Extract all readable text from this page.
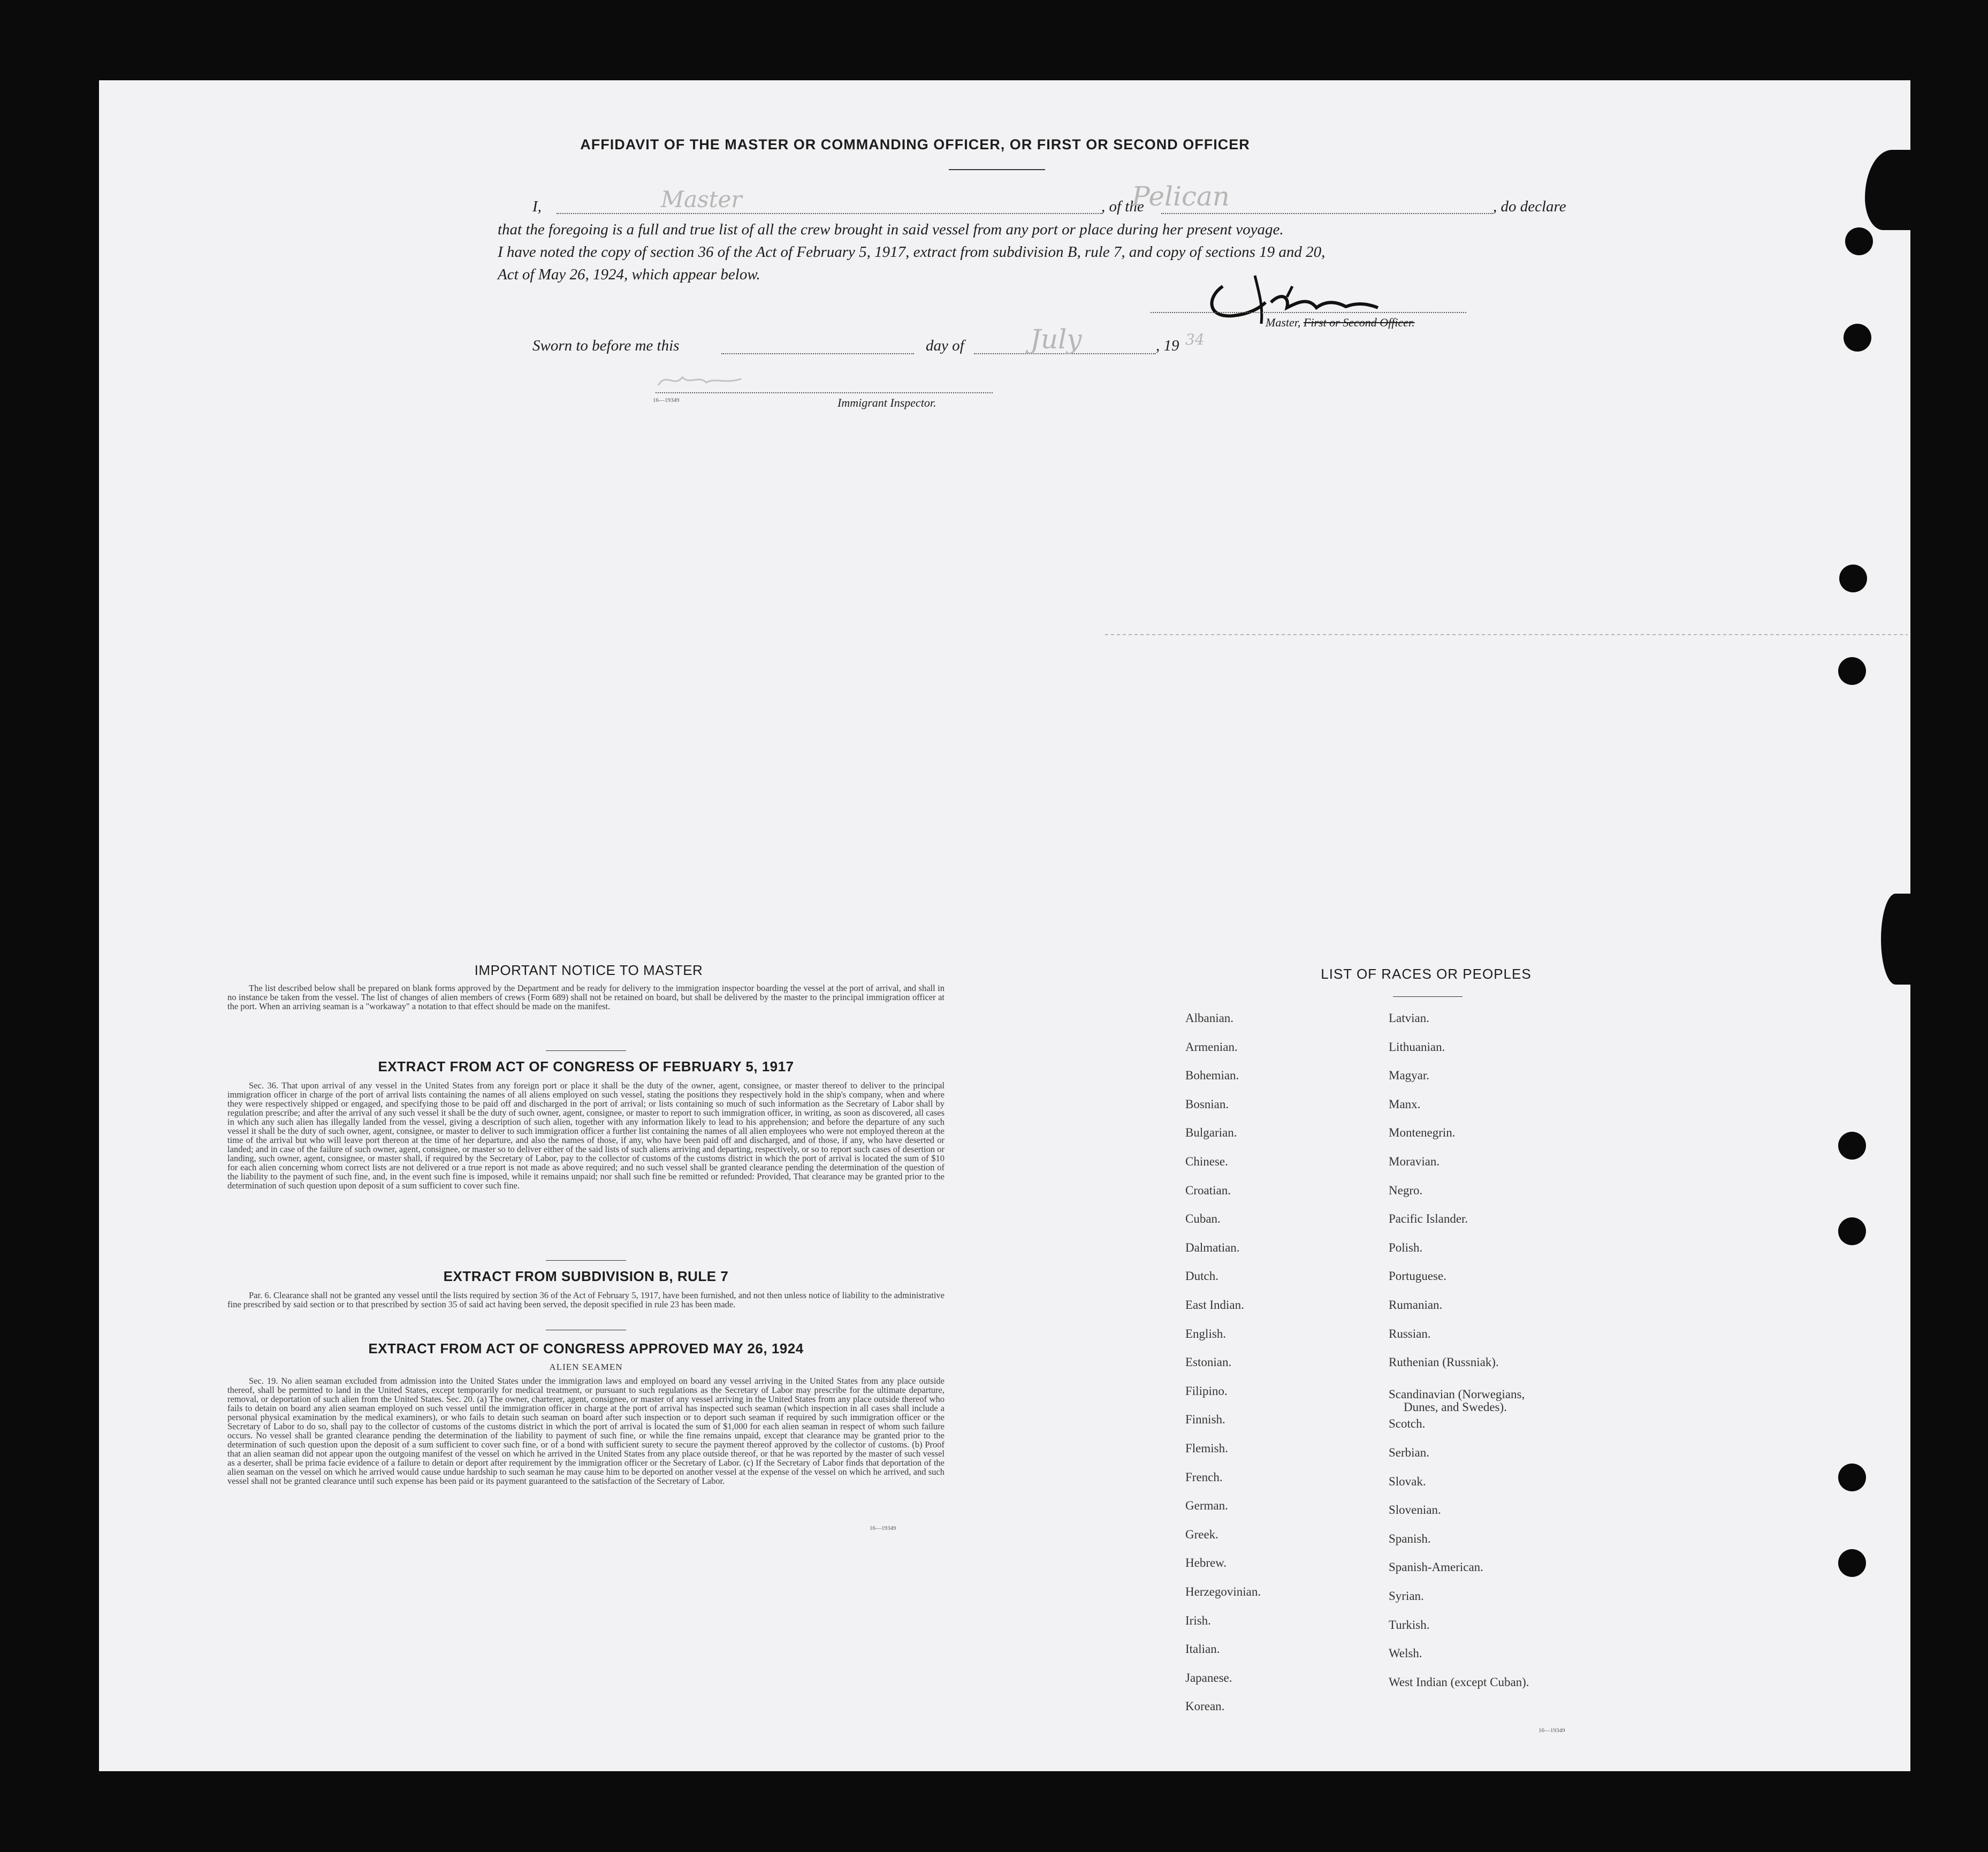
AFFIDAVIT OF THE MASTER OR COMMANDING OFFICER, OR FIRST OR SECOND OFFICER
I,	Master	, of the
Pelican	, do declare
that the foregoing is a full and true list of all the crew brought in said vessel from any port or place during her present voyage.
I have noted the copy of section 36 of the Act of February 5, 1917, extract from subdivision B, rule 7, and copy of sections 19 and 20,
Act of May 26, 1924, which appear below.
Master, First or Second Officer.
Sworn to before me this	day of July	, 19 34
16—19349	Immigrant Inspector.
IMPORTANT NOTICE TO MASTER
The list described below shall be prepared on blank forms approved by the Department and be ready for delivery to the immigration inspector boarding the vessel at the port of arrival, and shall in no instance be taken from the vessel. The list of changes of alien members of crews (Form 689) shall not be retained on board, but shall be delivered by the master to the principal immigration officer at the port. When an arriving seaman is a "workaway" a notation to that effect should be made on the manifest.
EXTRACT FROM ACT OF CONGRESS OF FEBRUARY 5, 1917
Sec. 36. That upon arrival of any vessel in the United States from any foreign port or place it shall be the duty of the owner, agent, consignee, or master thereof to deliver to the principal immigration officer in charge of the port of arrival lists containing the names of all aliens employed on such vessel, stating the positions they respectively hold in the ship's company, when and where they were respectively shipped or engaged, and specifying those to be paid off and discharged in the port of arrival; or lists containing so much of such information as the Secretary of Labor shall by regulation prescribe; and after the arrival of any such vessel it shall be the duty of such owner, agent, consignee, or master to report to such immigration officer, in writing, as soon as discovered, all cases in which any such alien has illegally landed from the vessel, giving a description of such alien, together with any information likely to lead to his apprehension; and before the departure of any such vessel it shall be the duty of such owner, agent, consignee, or master to deliver to such immigration officer a further list containing the names of all alien employees who were not employed thereon at the time of the arrival but who will leave port thereon at the time of her departure, and also the names of those, if any, who have been paid off and discharged, and of those, if any, who have deserted or landed; and in case of the failure of such owner, agent, consignee, or master so to deliver either of the said lists of such aliens arriving and departing, respectively, or so to report such cases of desertion or landing, such owner, agent, consignee, or master shall, if required by the Secretary of Labor, pay to the collector of customs of the customs district in which the port of arrival is located the sum of $10 for each alien concerning whom correct lists are not delivered or a true report is not made as above required; and no such vessel shall be granted clearance pending the determination of the question of the liability to the payment of such fine, and, in the event such fine is imposed, while it remains unpaid; nor shall such fine be remitted or refunded: Provided, That clearance may be granted prior to the determination of such question upon deposit of a sum sufficient to cover such fine.
EXTRACT FROM SUBDIVISION B, RULE 7
Par. 6. Clearance shall not be granted any vessel until the lists required by section 36 of the Act of February 5, 1917, have been furnished, and not then unless notice of liability to the administrative fine prescribed by said section or to that prescribed by section 35 of said act having been served, the deposit specified in rule 23 has been made.
EXTRACT FROM ACT OF CONGRESS APPROVED MAY 26, 1924
ALIEN SEAMEN
Sec. 19. No alien seaman excluded from admission into the United States under the immigration laws and employed on board any vessel arriving in the United States from any place outside thereof, shall be permitted to land in the United States, except temporarily for medical treatment, or pursuant to such regulations as the Secretary of Labor may prescribe for the ultimate departure, removal, or deportation of such alien from the United States. Sec. 20. (a) The owner, charterer, agent, consignee, or master of any vessel arriving in the United States from any place outside thereof who fails to detain on board any alien seaman employed on such vessel until the immigration officer in charge at the port of arrival has inspected such seaman (which inspection in all cases shall include a personal physical examination by the medical examiners), or who fails to detain such seaman on board after such inspection or to deport such seaman if required by such immigration officer or the Secretary of Labor to do so, shall pay to the collector of customs of the customs district in which the port of arrival is located the sum of $1,000 for each alien seaman in respect of whom such failure occurs. No vessel shall be granted clearance pending the determination of the liability to payment of such fine, or while the fine remains unpaid, except that clearance may be granted prior to the determination of such question upon the deposit of a sum sufficient to cover such fine, or of a bond with sufficient surety to secure the payment thereof approved by the collector of customs. (b) Proof that an alien seaman did not appear upon the outgoing manifest of the vessel on which he arrived in the United States from any place outside thereof, or that he was reported by the master of such vessel as a deserter, shall be prima facie evidence of a failure to detain or deport after requirement by the immigration officer or the Secretary of Labor. (c) If the Secretary of Labor finds that deportation of the alien seaman on the vessel on which he arrived would cause undue hardship to such seaman he may cause him to be deported on another vessel at the expense of the vessel on which he arrived, and such vessel shall not be granted clearance until such expense has been paid or its payment guaranteed to the satisfaction of the Secretary of Labor.
16—19349
LIST OF RACES OR PEOPLES
16—19349
Albanian.
Armenian.
Bohemian.
Bosnian.
Bulgarian.
Chinese.
Croatian.
Cuban.
Dalmatian.
Dutch.
East Indian.
English.
Estonian.
Filipino.
Finnish.
Flemish.
French.
German.
Greek.
Hebrew.
Herzegovinian.
Irish.
Italian.
Japanese.
Korean.
Latvian.
Lithuanian.
Magyar.
Manx.
Montenegrin.
Moravian.
Negro.
Pacific Islander.
Polish.
Portuguese.
Rumanian.
Russian.
Ruthenian (Russniak).
Scandinavian (Norwegians,
Dunes, and Swedes).
Scotch.
Serbian.
Slovak.
Slovenian.
Spanish.
Spanish-American.
Syrian.
Turkish.
Welsh.
West Indian (except Cuban).
